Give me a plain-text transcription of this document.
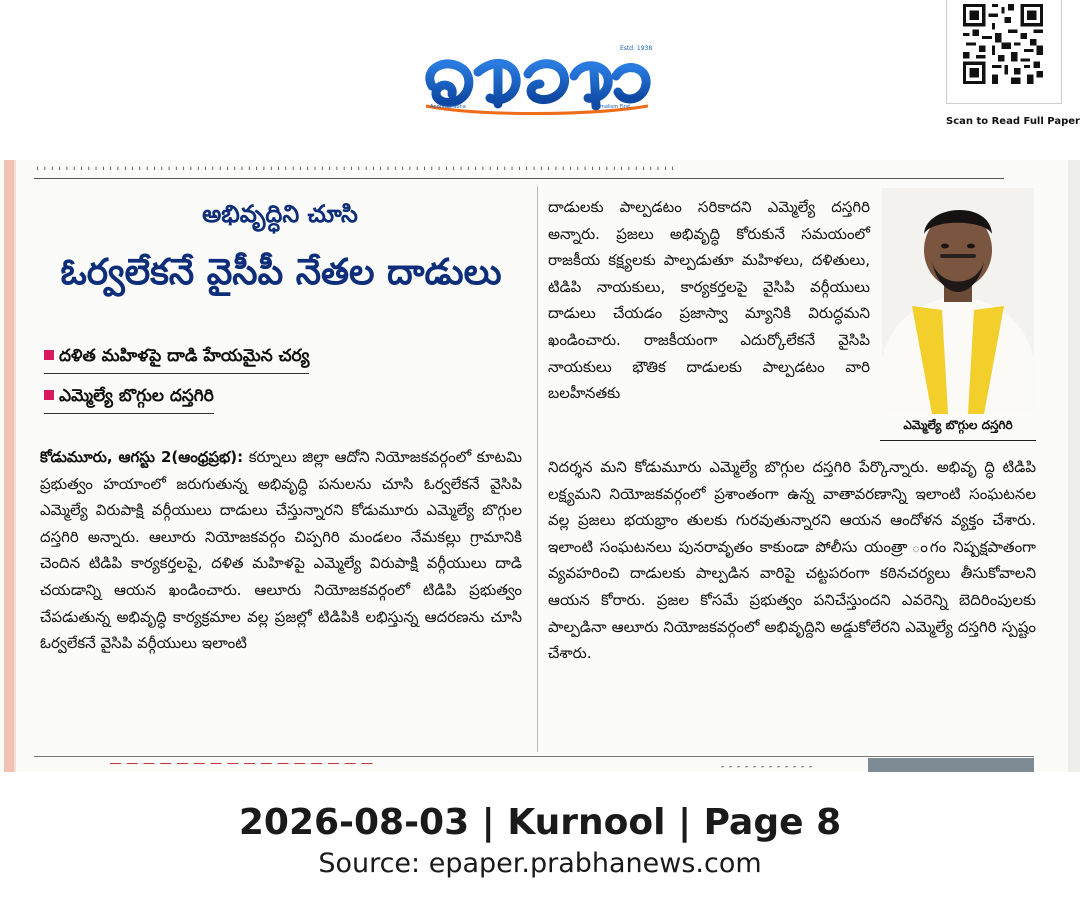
Estd. 1938
Andhraprabha	Journalism First
Scan to Read Full Paper
ˌˌˌˌˌˌˌˌˌˌˌˌˌˌˌˌˌˌˌˌˌˌˌˌˌˌˌˌˌˌˌˌˌˌˌˌˌˌˌˌˌˌˌˌˌˌˌˌˌˌˌˌˌˌˌˌˌˌˌˌˌˌˌˌˌˌˌˌˌˌˌˌˌˌˌˌˌˌˌˌˌˌˌˌˌˌˌˌ
అభివృద్ధిని చూసి
ఓర్వలేకనే వైసీపీ నేతల దాడులు
దళిత మహిళపై దాడి హేయమైన చర్య
ఎమ్మెల్యే బొగ్గుల దస్తగిరి
కోడుమూరు, ఆగస్టు 2(ఆంధ్రప్రభ): కర్నూలు జిల్లా ఆదోని నియోజకవర్గంలో కూటమి ప్రభుత్వం హయాంలో జరుగుతున్న అభివృద్ధి పనులను చూసి ఓర్వలేకనే వైసిపి ఎమ్మెల్యే విరుపాక్షి వర్గీయులు దాడులు చేస్తున్నారని కోడుమూరు ఎమ్మెల్యే బొగ్గుల దస్తగిరి అన్నారు. ఆలూరు నియోజకవర్గం చిప్పగిరి మండలం నేమకల్లు గ్రామానికి చెందిన టిడిపి కార్యకర్తలపై, దళిత మహిళపై ఎమ్మెల్యే విరుపాక్షి వర్గీయులు దాడి చయడాన్ని ఆయన ఖండించారు. ఆలూరు నియోజకవర్గంలో టిడిపి ప్రభుత్వం చేపడుతున్న అభివృద్ధి కార్యక్రమాల వల్ల ప్రజల్లో టిడిపికి లభిస్తున్న ఆదరణను చూసి ఓర్వలేకనే వైసిపి వర్గీయులు ఇలాంటి
దాడులకు పాల్పడటం సరికాదని ఎమ్మెల్యే దస్తగిరి అన్నారు. ప్రజలు అభివృద్ధి కోరుకునే సమయంలో రాజకీయ కక్ష్యలకు పాల్పడుతూ మహిళలు, దళితులు, టిడిపి నాయకులు, కార్యకర్తలపై వైసిపి వర్గీయులు దాడులు చేయడం ప్రజాస్వా మ్యానికి విరుద్ధమని ఖండించారు. రాజకీయంగా ఎదుర్కోలేకనే వైసిపి నాయకులు భౌతిక దాడులకు పాల్పడటం వారి బలహీనతకు
ఎమ్మెల్యే బొగ్గుల దస్తగిరి
నిదర్శన మని కోడుమూరు ఎమ్మెల్యే బొగ్గుల దస్తగిరి పేర్కొన్నారు. అభివృ ద్ధి టిడిపి లక్ష్యమని నియోజకవర్గంలో ప్రశాంతంగా ఉన్న వాతావరణాన్ని ఇలాంటి సంఘటనల వల్ల ప్రజలు భయభ్రాం తులకు గురవుతున్నారని ఆయన ఆందోళన వ్యక్తం చేశారు. ఇలాంటి సంఘటనలు పునరావృతం కాకుండా పోలీసు యంత్రా ంగం నిష్పక్షపాతంగా వ్యవహరించి దాడులకు పాల్పడిన వారిపై చట్టపరంగా కఠినచర్యలు తీసుకోవాలని ఆయన కోరారు. ప్రజల కోసమే ప్రభుత్వం పనిచేస్తుందని ఎవరెన్ని బెదిరింపులకు పాల్పడినా ఆలూరు నియోజకవర్గంలో అభివృద్దిని అడ్డుకోలేరని ఎమ్మెల్యే దస్తగిరి స్పష్టం చేశారు.
▔▔▔▔▔▔▔▔▔▔▔▔▔▔▔▔	ˉˉˉˉˉˉˉˉˉˉˉˉ
2026-08-03 | Kurnool | Page 8
Source: epaper.prabhanews.com
